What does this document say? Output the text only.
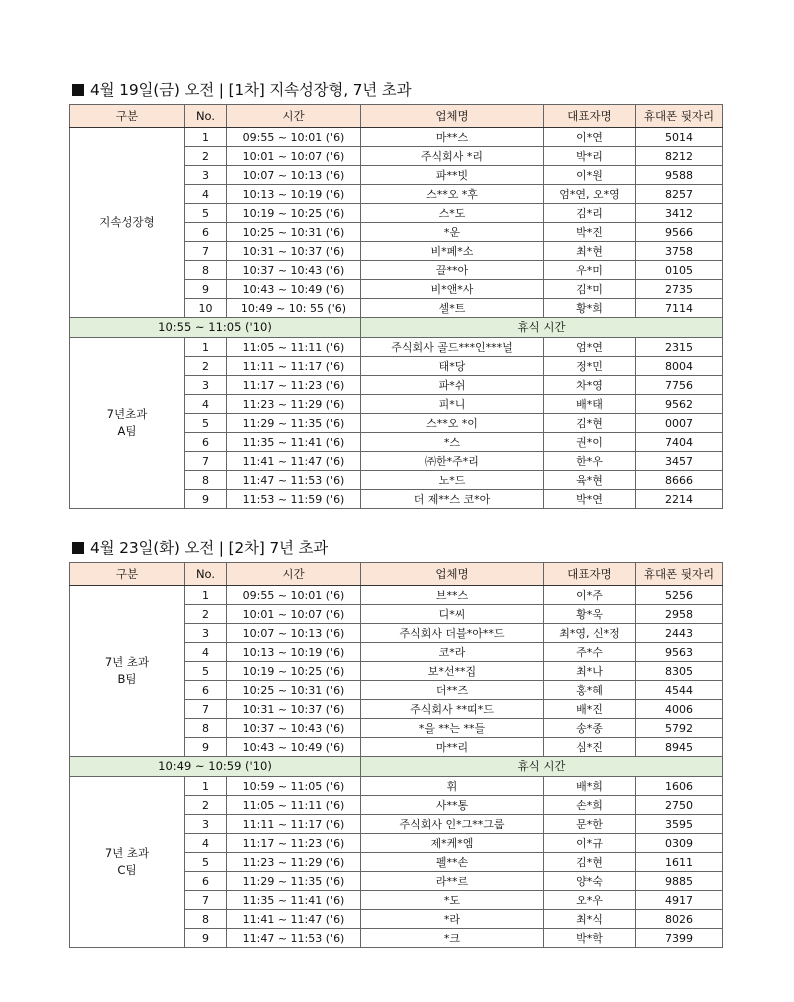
4월 19일(금) 오전 | [1차] 지속성장형, 7년 초과
구분	No.	시간	업체명	대표자명	휴대폰 뒷자리
지속성장형	1	09:55 ~ 10:01 ('6)	마**스	이*연	5014
	2	10:01 ~ 10:07 ('6)	주식회사 *리	박*리	8212
	3	10:07 ~ 10:13 ('6)	파**빗	이*원	9588
	4	10:13 ~ 10:19 ('6)	스**오 *후	엄*연, 오*영	8257
	5	10:19 ~ 10:25 ('6)	스*도	김*리	3412
	6	10:25 ~ 10:31 ('6)	*운	박*진	9566
	7	10:31 ~ 10:37 ('6)	비*페*소	최*현	3758
	8	10:37 ~ 10:43 ('6)	끌**아	우*미	0105
	9	10:43 ~ 10:49 ('6)	비*앤*사	김*미	2735
	10	10:49 ~ 10: 55 ('6)	셀*트	황*희	7114
10:55 ~ 11:05 ('10)			휴식 시간		
7년초과
A팀	1	11:05 ~ 11:11 ('6)	주식회사 골드***인***널	엄*연	2315
	2	11:11 ~ 11:17 ('6)	태*당	정*민	8004
	3	11:17 ~ 11:23 ('6)	파*쉬	차*영	7756
	4	11:23 ~ 11:29 ('6)	피*니	배*태	9562
	5	11:29 ~ 11:35 ('6)	스**오 *이	김*현	0007
	6	11:35 ~ 11:41 ('6)	*스	권*이	7404
	7	11:41 ~ 11:47 ('6)	㈜한*주*리	한*우	3457
	8	11:47 ~ 11:53 ('6)	노*드	육*현	8666
	9	11:53 ~ 11:59 ('6)	더 제**스 코*아	박*연	2214
4월 23일(화) 오전 | [2차] 7년 초과
구분	No.	시간	업체명	대표자명	휴대폰 뒷자리
7년 초과
B팀	1	09:55 ~ 10:01 ('6)	브**스	이*주	5256
	2	10:01 ~ 10:07 ('6)	디*씨	황*욱	2958
	3	10:07 ~ 10:13 ('6)	주식회사 더블*아**드	최*영, 신*정	2443
	4	10:13 ~ 10:19 ('6)	코*라	주*수	9563
	5	10:19 ~ 10:25 ('6)	보*선**집	최*나	8305
	6	10:25 ~ 10:31 ('6)	더**즈	홍*혜	4544
	7	10:31 ~ 10:37 ('6)	주식회사 **띠*드	배*진	4006
	8	10:37 ~ 10:43 ('6)	*을 **는 **들	송*종	5792
	9	10:43 ~ 10:49 ('6)	마**리	심*진	8945
10:49 ~ 10:59 ('10)			휴식 시간		
7년 초과
C팀	1	10:59 ~ 11:05 ('6)	휘	배*희	1606
	2	11:05 ~ 11:11 ('6)	사**통	손*희	2750
	3	11:11 ~ 11:17 ('6)	주식회사 인*그**그룹	문*한	3595
	4	11:17 ~ 11:23 ('6)	제*케*엠	이*규	0309
	5	11:23 ~ 11:29 ('6)	펠**손	김*현	1611
	6	11:29 ~ 11:35 ('6)	라**르	양*숙	9885
	7	11:35 ~ 11:41 ('6)	*도	오*우	4917
	8	11:41 ~ 11:47 ('6)	*라	최*식	8026
	9	11:47 ~ 11:53 ('6)	*크	박*학	7399
